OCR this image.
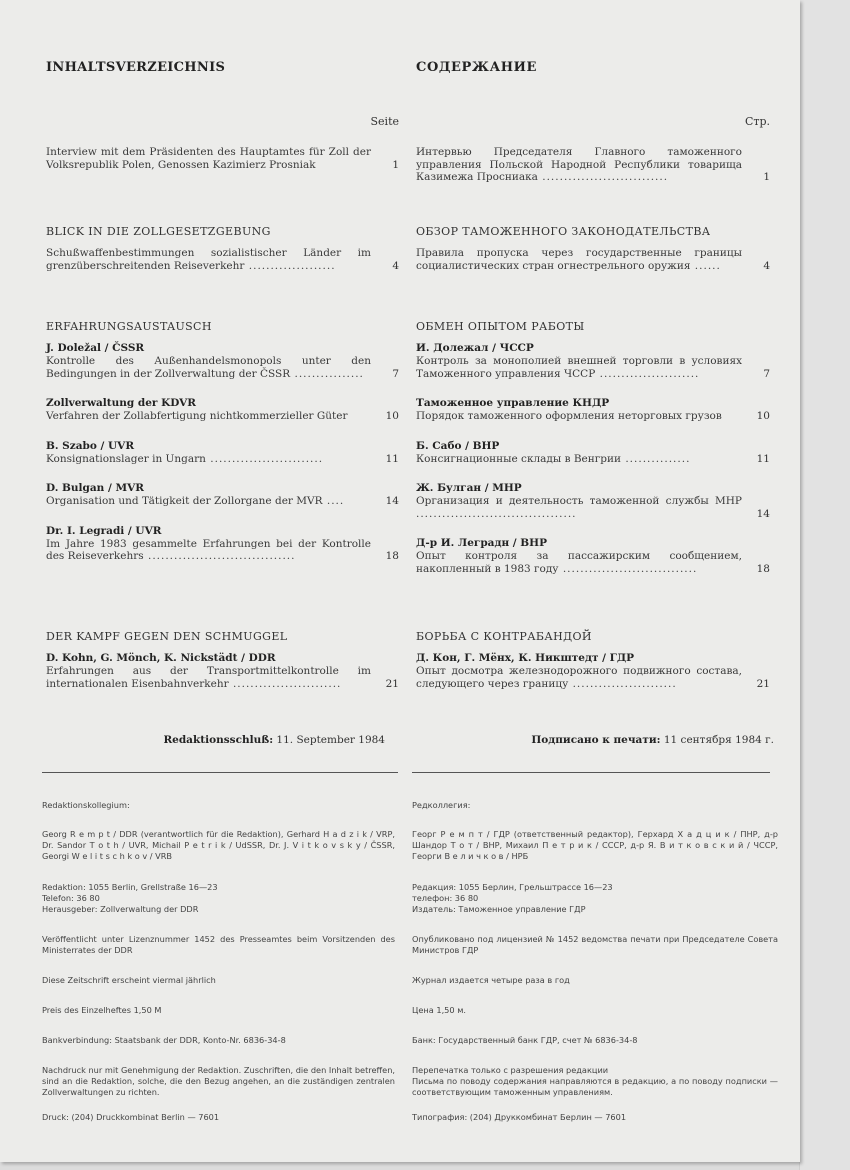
INHALTSVERZEICHNIS
Seite
Interview mit dem Präsidenten des Hauptamtes für Zoll der Volksrepublik Polen, Genossen Kazimierz Prosniak	1
BLICK IN DIE ZOLLGESETZGEBUNG
Schußwaffenbestimmungen sozialistischer Länder im grenzüberschreitenden Reiseverkehr ....................	4
ERFAHRUNGSAUSTAUSCH
J. Doležal / ČSSR
Kontrolle des Außenhandelsmonopols unter den Bedingungen in der Zollverwaltung der ČSSR ................	7
Zollverwaltung der KDVR
Verfahren der Zollabfertigung nichtkommerzieller Güter	10
B. Szabo / UVR
Konsignationslager in Ungarn ..........................	11
D. Bulgan / MVR
Organisation und Tätigkeit der Zollorgane der MVR ....	14
Dr. I. Legradi / UVR
Im Jahre 1983 gesammelte Erfahrungen bei der Kontrolle des Reiseverkehrs ..................................	18
DER KAMPF GEGEN DEN SCHMUGGEL
D. Kohn, G. Mönch, K. Nickstädt / DDR
Erfahrungen aus der Transportmittelkontrolle im internationalen Eisenbahnverkehr .........................	21
Redaktionsschluß: 11. September 1984
Redaktionskollegium:
Georg R e m p t / DDR (verantwortlich für die Redaktion), Gerhard H a d z i k / VRP, Dr. Sandor T o t h / UVR, Michail P e t r i k / UdSSR, Dr. J. V i t k o v s k y / ČSSR, Georgi W e l i t s c h k o v / VRB
Redaktion: 1055 Berlin, Grellstraße 16—23
Telefon: 36 80
Herausgeber: Zollverwaltung der DDR
Veröffentlicht unter Lizenznummer 1452 des Presseamtes beim Vorsitzenden des Ministerrates der DDR
Diese Zeitschrift erscheint viermal jährlich
Preis des Einzelheftes 1,50 M
Bankverbindung: Staatsbank der DDR, Konto-Nr. 6836-34-8
Nachdruck nur mit Genehmigung der Redaktion. Zuschriften, die den Inhalt betreffen, sind an die Redaktion, solche, die den Bezug angehen, an die zuständigen zentralen Zollverwaltungen zu richten.
Druck: (204) Druckkombinat Berlin — 7601
СОДЕРЖАНИЕ
Стр.
Интервью Председателя Главного таможенного управления Польской Народной Республики товарища Казимежа Просниака .............................	1
ОБЗОР ТАМОЖЕННОГО ЗАКОНОДАТЕЛЬСТВА
Правила пропуска через государственные границы социалистических стран огнестрельного оружия ......	4
ОБМЕН ОПЫТОМ РАБОТЫ
И. Долежал / ЧССР
Контроль за монополией внешней торговли в условиях Таможенного управления ЧССР .......................	7
Таможенное управление КНДР
Порядок таможенного оформления неторговых грузов	10
Б. Сабо / ВНР
Консигнационные склады в Венгрии ...............	11
Ж. Булган / МНР
Организация и деятельность таможенной службы МНР .....................................	14
Д-р И. Леградн / ВНР
Опыт контроля за пассажирским сообщением, накопленный в 1983 году ...............................	18
БОРЬБА С КОНТРАБАНДОЙ
Д. Кон, Г. Мёнх, К. Никштедт / ГДР
Опыт досмотра железнодорожного подвижного состава, следующего через границу ........................	21
Подписано к печати: 11 сентября 1984 г.
Редколлегия:
Георг Р е м п т / ГДР (ответственный редактор), Герхард Х а д ц и к / ПНР, д-р Шандор Т о т / ВНР, Михаил П е т р и к / СССР, д-р Я. В и т к о в с к и й / ЧССР, Георги В е л и ч к о в / НРБ
Редакция: 1055 Берлин, Грельштрассе 16—23
телефон: 36 80
Издатель: Таможенное управление ГДР
Опубликовано под лицензией № 1452 ведомства печати при Председателе Совета Министров ГДР
Журнал издается четыре раза в год
Цена 1,50 м.
Банк: Государственный банк ГДР, счет № 6836-34-8
Перепечатка только с разрешения редакции
Письма по поводу содержания направляются в редакцию, а по поводу подписки — соответствующим таможенным управлениям.
Типография: (204) Друккомбинат Берлин — 7601
